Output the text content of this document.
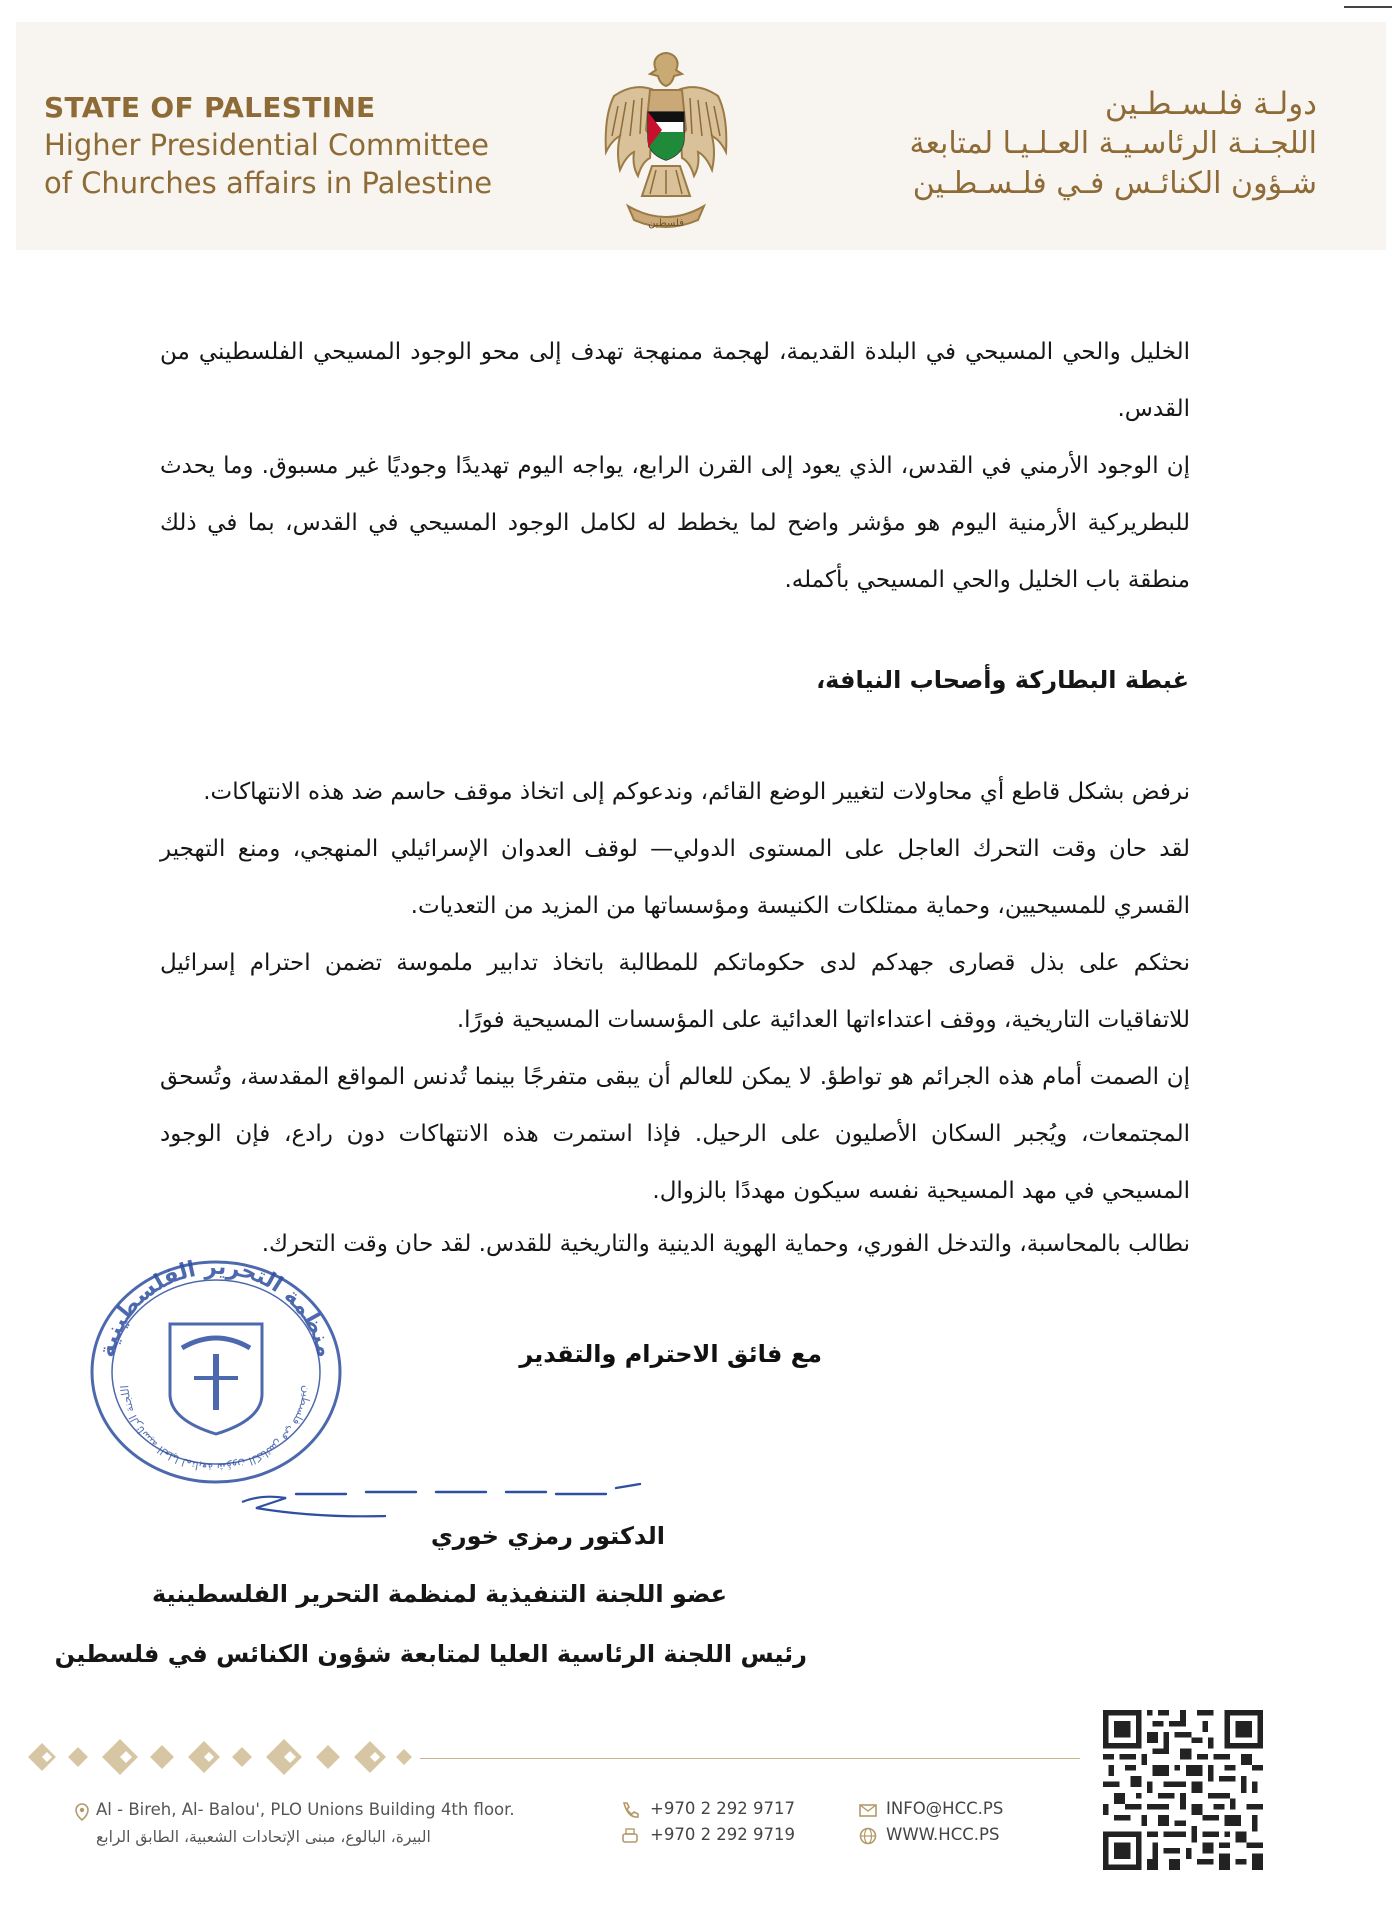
STATE OF PALESTINE
Higher Presidential Committee
of Churches affairs in Palestine
فلسطين
دولـة فلـسـطـين
اللجـنـة الرئاسـيـة العـلـيـا لمتابعة
شـؤون الكنائـس فـي فلـسـطـين

الخليل والحي المسيحي في البلدة القديمة، لهجمة ممنهجة تهدف إلى محو الوجود المسيحي الفلسطيني من القدس.

إن الوجود الأرمني في القدس، الذي يعود إلى القرن الرابع، يواجه اليوم تهديدًا وجوديًا غير مسبوق. وما يحدث للبطريركية الأرمنية اليوم هو مؤشر واضح لما يخطط له لكامل الوجود المسيحي في القدس، بما في ذلك منطقة باب الخليل والحي المسيحي بأكمله.

غبطة البطاركة وأصحاب النيافة،

نرفض بشكل قاطع أي محاولات لتغيير الوضع القائم، وندعوكم إلى اتخاذ موقف حاسم ضد هذه الانتهاكات.

لقد حان وقت التحرك العاجل على المستوى الدولي— لوقف العدوان الإسرائيلي المنهجي، ومنع التهجير القسري للمسيحيين، وحماية ممتلكات الكنيسة ومؤسساتها من المزيد من التعديات.

نحثكم على بذل قصارى جهدكم لدى حكوماتكم للمطالبة باتخاذ تدابير ملموسة تضمن احترام إسرائيل للاتفاقيات التاريخية، ووقف اعتداءاتها العدائية على المؤسسات المسيحية فورًا.

إن الصمت أمام هذه الجرائم هو تواطؤ. لا يمكن للعالم أن يبقى متفرجًا بينما تُدنس المواقع المقدسة، وتُسحق المجتمعات، ويُجبر السكان الأصليون على الرحيل. فإذا استمرت هذه الانتهاكات دون رادع، فإن الوجود المسيحي في مهد المسيحية نفسه سيكون مهددًا بالزوال.

نطالب بالمحاسبة، والتدخل الفوري، وحماية الهوية الدينية والتاريخية للقدس. لقد حان وقت التحرك.

منظمة التحرير الفلسطينية
اللجنة الرئاسية العليا لمتابعة شؤون الكنائس في فلسطين
مع فائق الاحترام والتقدير
الدكتور رمزي خوري
عضو اللجنة التنفيذية لمنظمة التحرير الفلسطينية
رئيس اللجنة الرئاسية العليا لمتابعة شؤون الكنائس في فلسطين
Al - Bireh, Al- Balou', PLO Unions Building 4th floor.
البيرة، البالوع، مبنى الإتحادات الشعبية، الطابق الرابع
+970 2 292 9717
+970 2 292 9719
INFO@HCC.PS
WWW.HCC.PS
